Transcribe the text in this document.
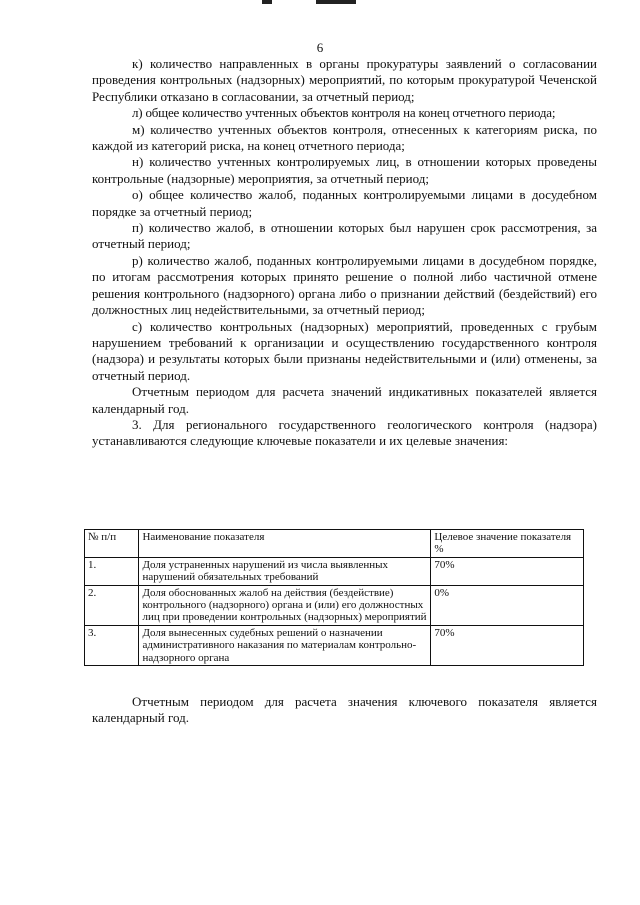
6

к) количество направленных в органы прокуратуры заявлений о согласовании проведения контрольных (надзорных) мероприятий, по которым прокуратурой Чеченской Республики отказано в согласовании, за отчетный период;

л) общее количество учтенных объектов контроля на конец отчетного периода;

м) количество учтенных объектов контроля, отнесенных к категориям риска, по каждой из категорий риска, на конец отчетного периода;

н) количество учтенных контролируемых лиц, в отношении которых проведены контрольные (надзорные) мероприятия, за отчетный период;

о) общее количество жалоб, поданных контролируемыми лицами в досудебном порядке за отчетный период;

п) количество жалоб, в отношении которых был нарушен срок рассмотрения, за отчетный период;

р) количество жалоб, поданных контролируемыми лицами в досудебном порядке, по итогам рассмотрения которых принято решение о полной либо частичной отмене решения контрольного (надзорного) органа либо о признании действий (бездействий) его должностных лиц недействительными, за отчетный период;

с) количество контрольных (надзорных) мероприятий, проведенных с грубым нарушением требований к организации и осуществлению государственного контроля (надзора) и результаты которых были признаны недействительными и (или) отменены, за отчетный период.

Отчетным периодом для расчета значений индикативных показателей является календарный год.

3. Для регионального государственного геологического контроля (надзора) устанавливаются следующие ключевые показатели и их целевые значения:

№ п/п	Наименование показателя	Целевое значение показателя %
1.	Доля устраненных нарушений из числа выявленных нарушений обязательных требований	70%
2.	Доля обоснованных жалоб на действия (бездействие) контрольного (надзорного) органа и (или) его должностных лиц при проведении контрольных (надзорных) мероприятий	0%
3.	Доля вынесенных судебных решений о назначении административного наказания по материалам контрольно-надзорного органа	70%

Отчетным периодом для расчета значения ключевого показателя является календарный год.
